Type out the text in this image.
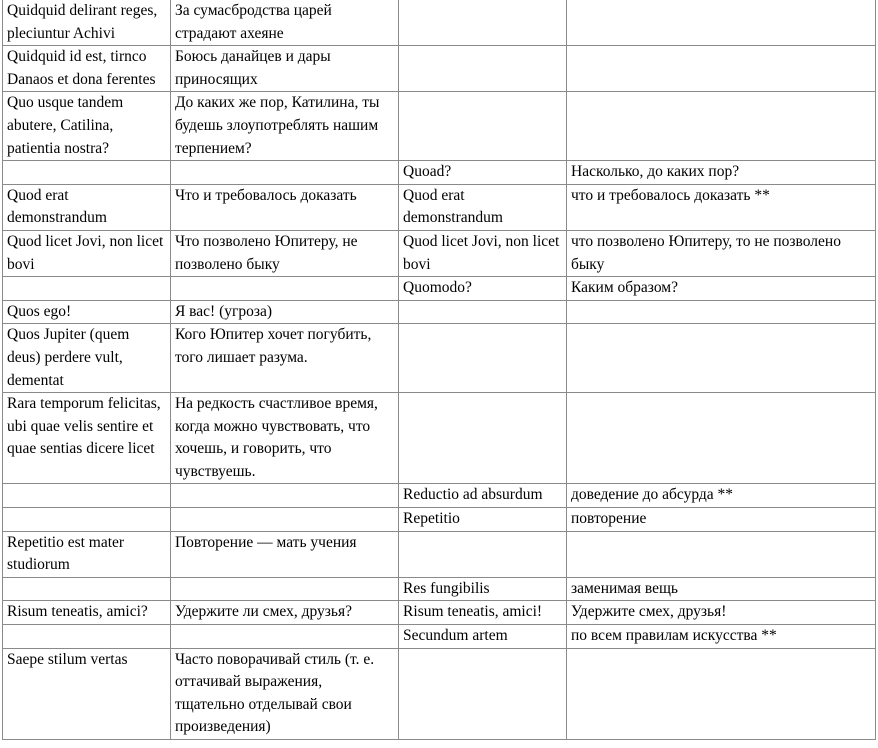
Quidquid delirant reges, pleciuntur Achivi	За сумасбродства царей страдают ахеяне		
Quidquid id est, tirnco Danaos et dona ferentes	Боюсь данайцев и дары приносящих		
Quo usque tandem abutere, Catilina, patientia nostra?	До каких же пор, Катилина, ты будешь злоупотреблять нашим терпением?		
		Quoad?	Насколько, до каких пор?
Quod erat demonstrandum	Что и требовалось доказать	Quod erat demonstrandum	что и требовалось доказать **
Quod licet Jovi, non licet bovi	Что позволено Юпитеру, не позволено быку	Quod licet Jovi, non licet bovi	что позволено Юпитеру, то не позволено быку
		Quomodo?	Каким образом?
Quos ego!	Я вас! (угроза)		
Quos Jupiter (quem deus) perdere vult, dementat	Кого Юпитер хочет погубить, того лишает разума.		
Rara temporum felicitas, ubi quae velis sentire et quae sentias dicere licet	На редкость счастливое время, когда можно чувствовать, что хочешь, и говорить, что чувствуешь.		
		Reductio ad absurdum	доведение до абсурда **
		Repetitio	повторение
Repetitio est mater studiorum	Повторение — мать учения		
		Res fungibilis	заменимая вещь
Risum teneatis, amici?	Удержите ли смех, друзья?	Risum teneatis, amici!	Удержите смех, друзья!
		Secundum artem	по всем правилам искусства **
Saepe stilum vertas	Часто поворачивай стиль (т. е. оттачивай выражения, тщательно отделывай свои произведения)		
